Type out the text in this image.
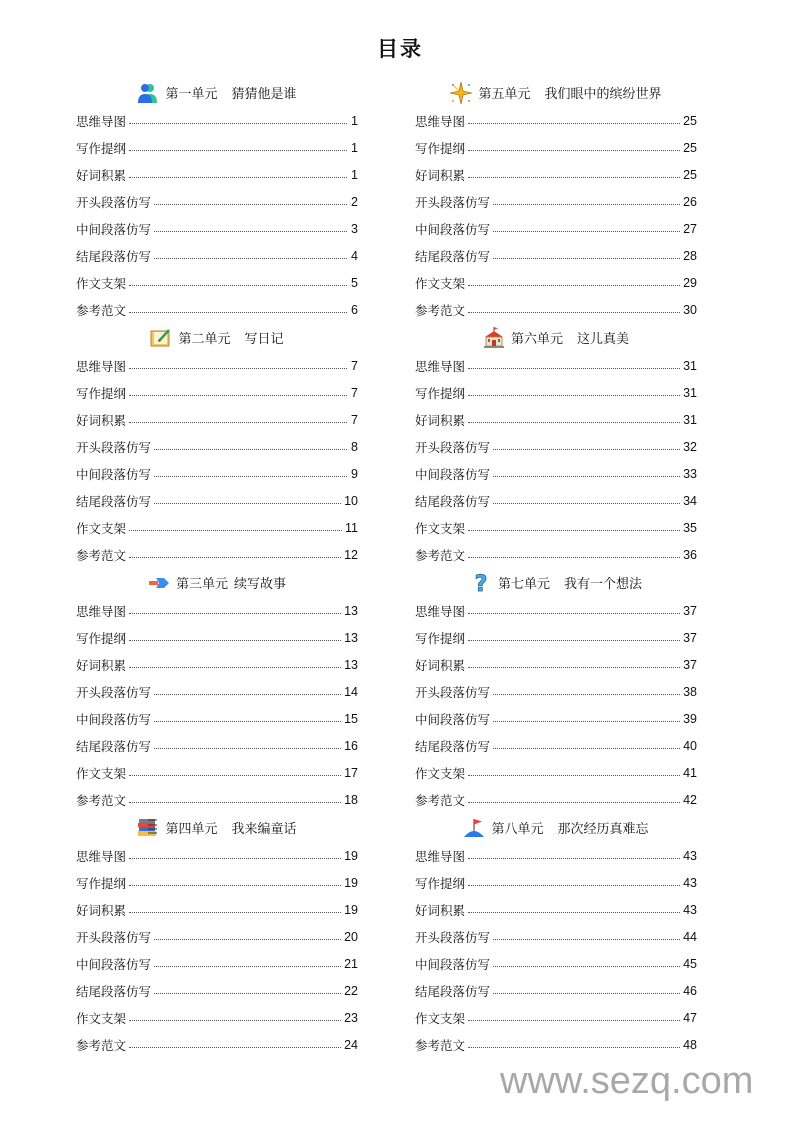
目录
第一单元 猜猜他是谁
思维导图	1
写作提纲	1
好词积累	1
开头段落仿写	2
中间段落仿写	3
结尾段落仿写	4
作文支架	5
参考范文	6
第二单元 写日记
思维导图	7
写作提纲	7
好词积累	7
开头段落仿写	8
中间段落仿写	9
结尾段落仿写	10
作文支架	11
参考范文	12
第三单元 续写故事
思维导图	13
写作提纲	13
好词积累	13
开头段落仿写	14
中间段落仿写	15
结尾段落仿写	16
作文支架	17
参考范文	18
第四单元 我来编童话
思维导图	19
写作提纲	19
好词积累	19
开头段落仿写	20
中间段落仿写	21
结尾段落仿写	22
作文支架	23
参考范文	24
第五单元 我们眼中的缤纷世界
思维导图	25
写作提纲	25
好词积累	25
开头段落仿写	26
中间段落仿写	27
结尾段落仿写	28
作文支架	29
参考范文	30
第六单元 这儿真美
思维导图	31
写作提纲	31
好词积累	31
开头段落仿写	32
中间段落仿写	33
结尾段落仿写	34
作文支架	35
参考范文	36
? 第七单元 我有一个想法
思维导图	37
写作提纲	37
好词积累	37
开头段落仿写	38
中间段落仿写	39
结尾段落仿写	40
作文支架	41
参考范文	42
第八单元 那次经历真难忘
思维导图	43
写作提纲	43
好词积累	43
开头段落仿写	44
中间段落仿写	45
结尾段落仿写	46
作文支架	47
参考范文	48
www.sezq.com
